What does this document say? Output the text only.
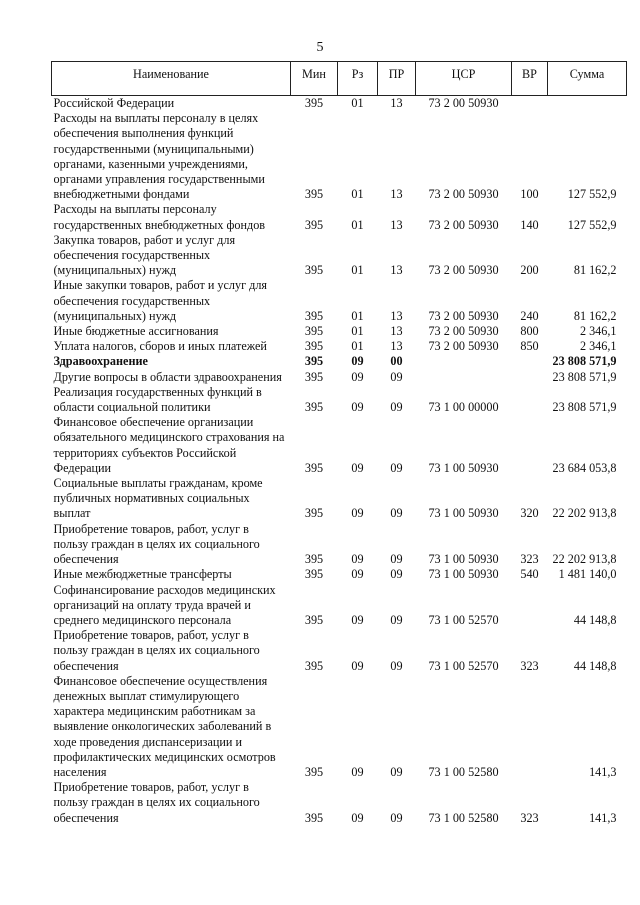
5
Наименование	Мин	Рз	ПР	ЦСР	ВР	Сумма
Российской Федерации	395	01	13	73 2 00 50930		
Расходы на выплаты персоналу в целях обеспечения выполнения функций государственными (муниципальными) органами, казенными учреждениями, органами управления государственными внебюджетными фондами	395	01	13	73 2 00 50930	100	127 552,9
Расходы на выплаты персоналу государственных внебюджетных фондов	395	01	13	73 2 00 50930	140	127 552,9
Закупка товаров, работ и услуг для обеспечения государственных (муниципальных) нужд	395	01	13	73 2 00 50930	200	81 162,2
Иные закупки товаров, работ и услуг для обеспечения государственных (муниципальных) нужд	395	01	13	73 2 00 50930	240	81 162,2
Иные бюджетные ассигнования	395	01	13	73 2 00 50930	800	2 346,1
Уплата налогов, сборов и иных платежей	395	01	13	73 2 00 50930	850	2 346,1
Здравоохранение	395	09	00			23 808 571,9
Другие вопросы в области здравоохранения	395	09	09			23 808 571,9
Реализация государственных функций в области социальной политики	395	09	09	73 1 00 00000		23 808 571,9
Финансовое обеспечение организации обязательного медицинского страхования на территориях субъектов Российской Федерации	395	09	09	73 1 00 50930		23 684 053,8
Социальные выплаты гражданам, кроме публичных нормативных социальных выплат	395	09	09	73 1 00 50930	320	22 202 913,8
Приобретение товаров, работ, услуг в пользу граждан в целях их социального обеспечения	395	09	09	73 1 00 50930	323	22 202 913,8
Иные межбюджетные трансферты	395	09	09	73 1 00 50930	540	1 481 140,0
Софинансирование расходов медицинских организаций на оплату труда врачей и среднего медицинского персонала	395	09	09	73 1 00 52570		44 148,8
Приобретение товаров, работ, услуг в пользу граждан в целях их социального обеспечения	395	09	09	73 1 00 52570	323	44 148,8
Финансовое обеспечение осуществления денежных выплат стимулирующего характера медицинским работникам за выявление онкологических заболеваний в ходе проведения диспансеризации и профилактических медицинских осмотров населения	395	09	09	73 1 00 52580		141,3
Приобретение товаров, работ, услуг в пользу граждан в целях их социального обеспечения	395	09	09	73 1 00 52580	323	141,3
